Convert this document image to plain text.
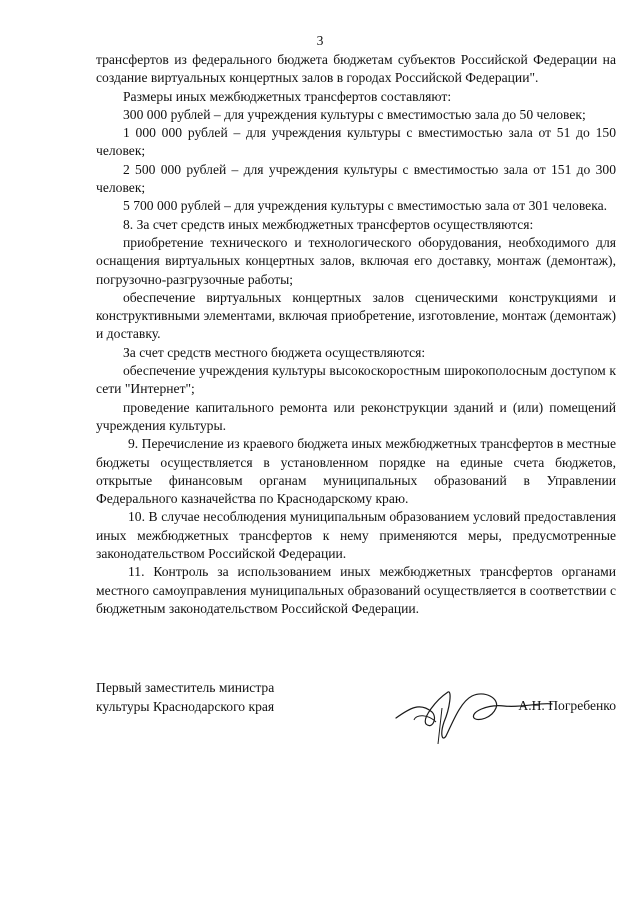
3

трансфертов из федерального бюджета бюджетам субъектов Российской Федерации на создание виртуальных концертных залов в городах Российской Федерации".

Размеры иных межбюджетных трансфертов составляют:

300 000 рублей – для учреждения культуры с вместимостью зала до 50 человек;

1 000 000 рублей – для учреждения культуры с вместимостью зала от 51 до 150 человек;

2 500 000 рублей – для учреждения культуры с вместимостью зала от 151 до 300 человек;

5 700 000 рублей – для учреждения культуры с вместимостью зала от 301 человека.

8. За счет средств иных межбюджетных трансфертов осуществляются:

приобретение технического и технологического оборудования, необходимого для оснащения виртуальных концертных залов, включая его доставку, монтаж (демонтаж), погрузочно-разгрузочные работы;

обеспечение виртуальных концертных залов сценическими конструкциями и конструктивными элементами, включая приобретение, изготовление, монтаж (демонтаж) и доставку.

За счет средств местного бюджета осуществляются:

обеспечение учреждения культуры высокоскоростным широкополосным доступом к сети "Интернет";

проведение капитального ремонта или реконструкции зданий и (или) помещений учреждения культуры.

9. Перечисление из краевого бюджета иных межбюджетных трансфертов в местные бюджеты осуществляется в установленном порядке на единые счета бюджетов, открытые финансовым органам муниципальных образований в Управлении Федерального казначейства по Краснодарскому краю.

10. В случае несоблюдения муниципальным образованием условий предоставления иных межбюджетных трансфертов к нему применяются меры, предусмотренные законодательством Российской Федерации.

11. Контроль за использованием иных межбюджетных трансфертов органами местного самоуправления муниципальных образований осуществляется в соответствии с бюджетным законодательством Российской Федерации.

Первый заместитель министра
культуры Краснодарского края	А.Н. Погребенко
